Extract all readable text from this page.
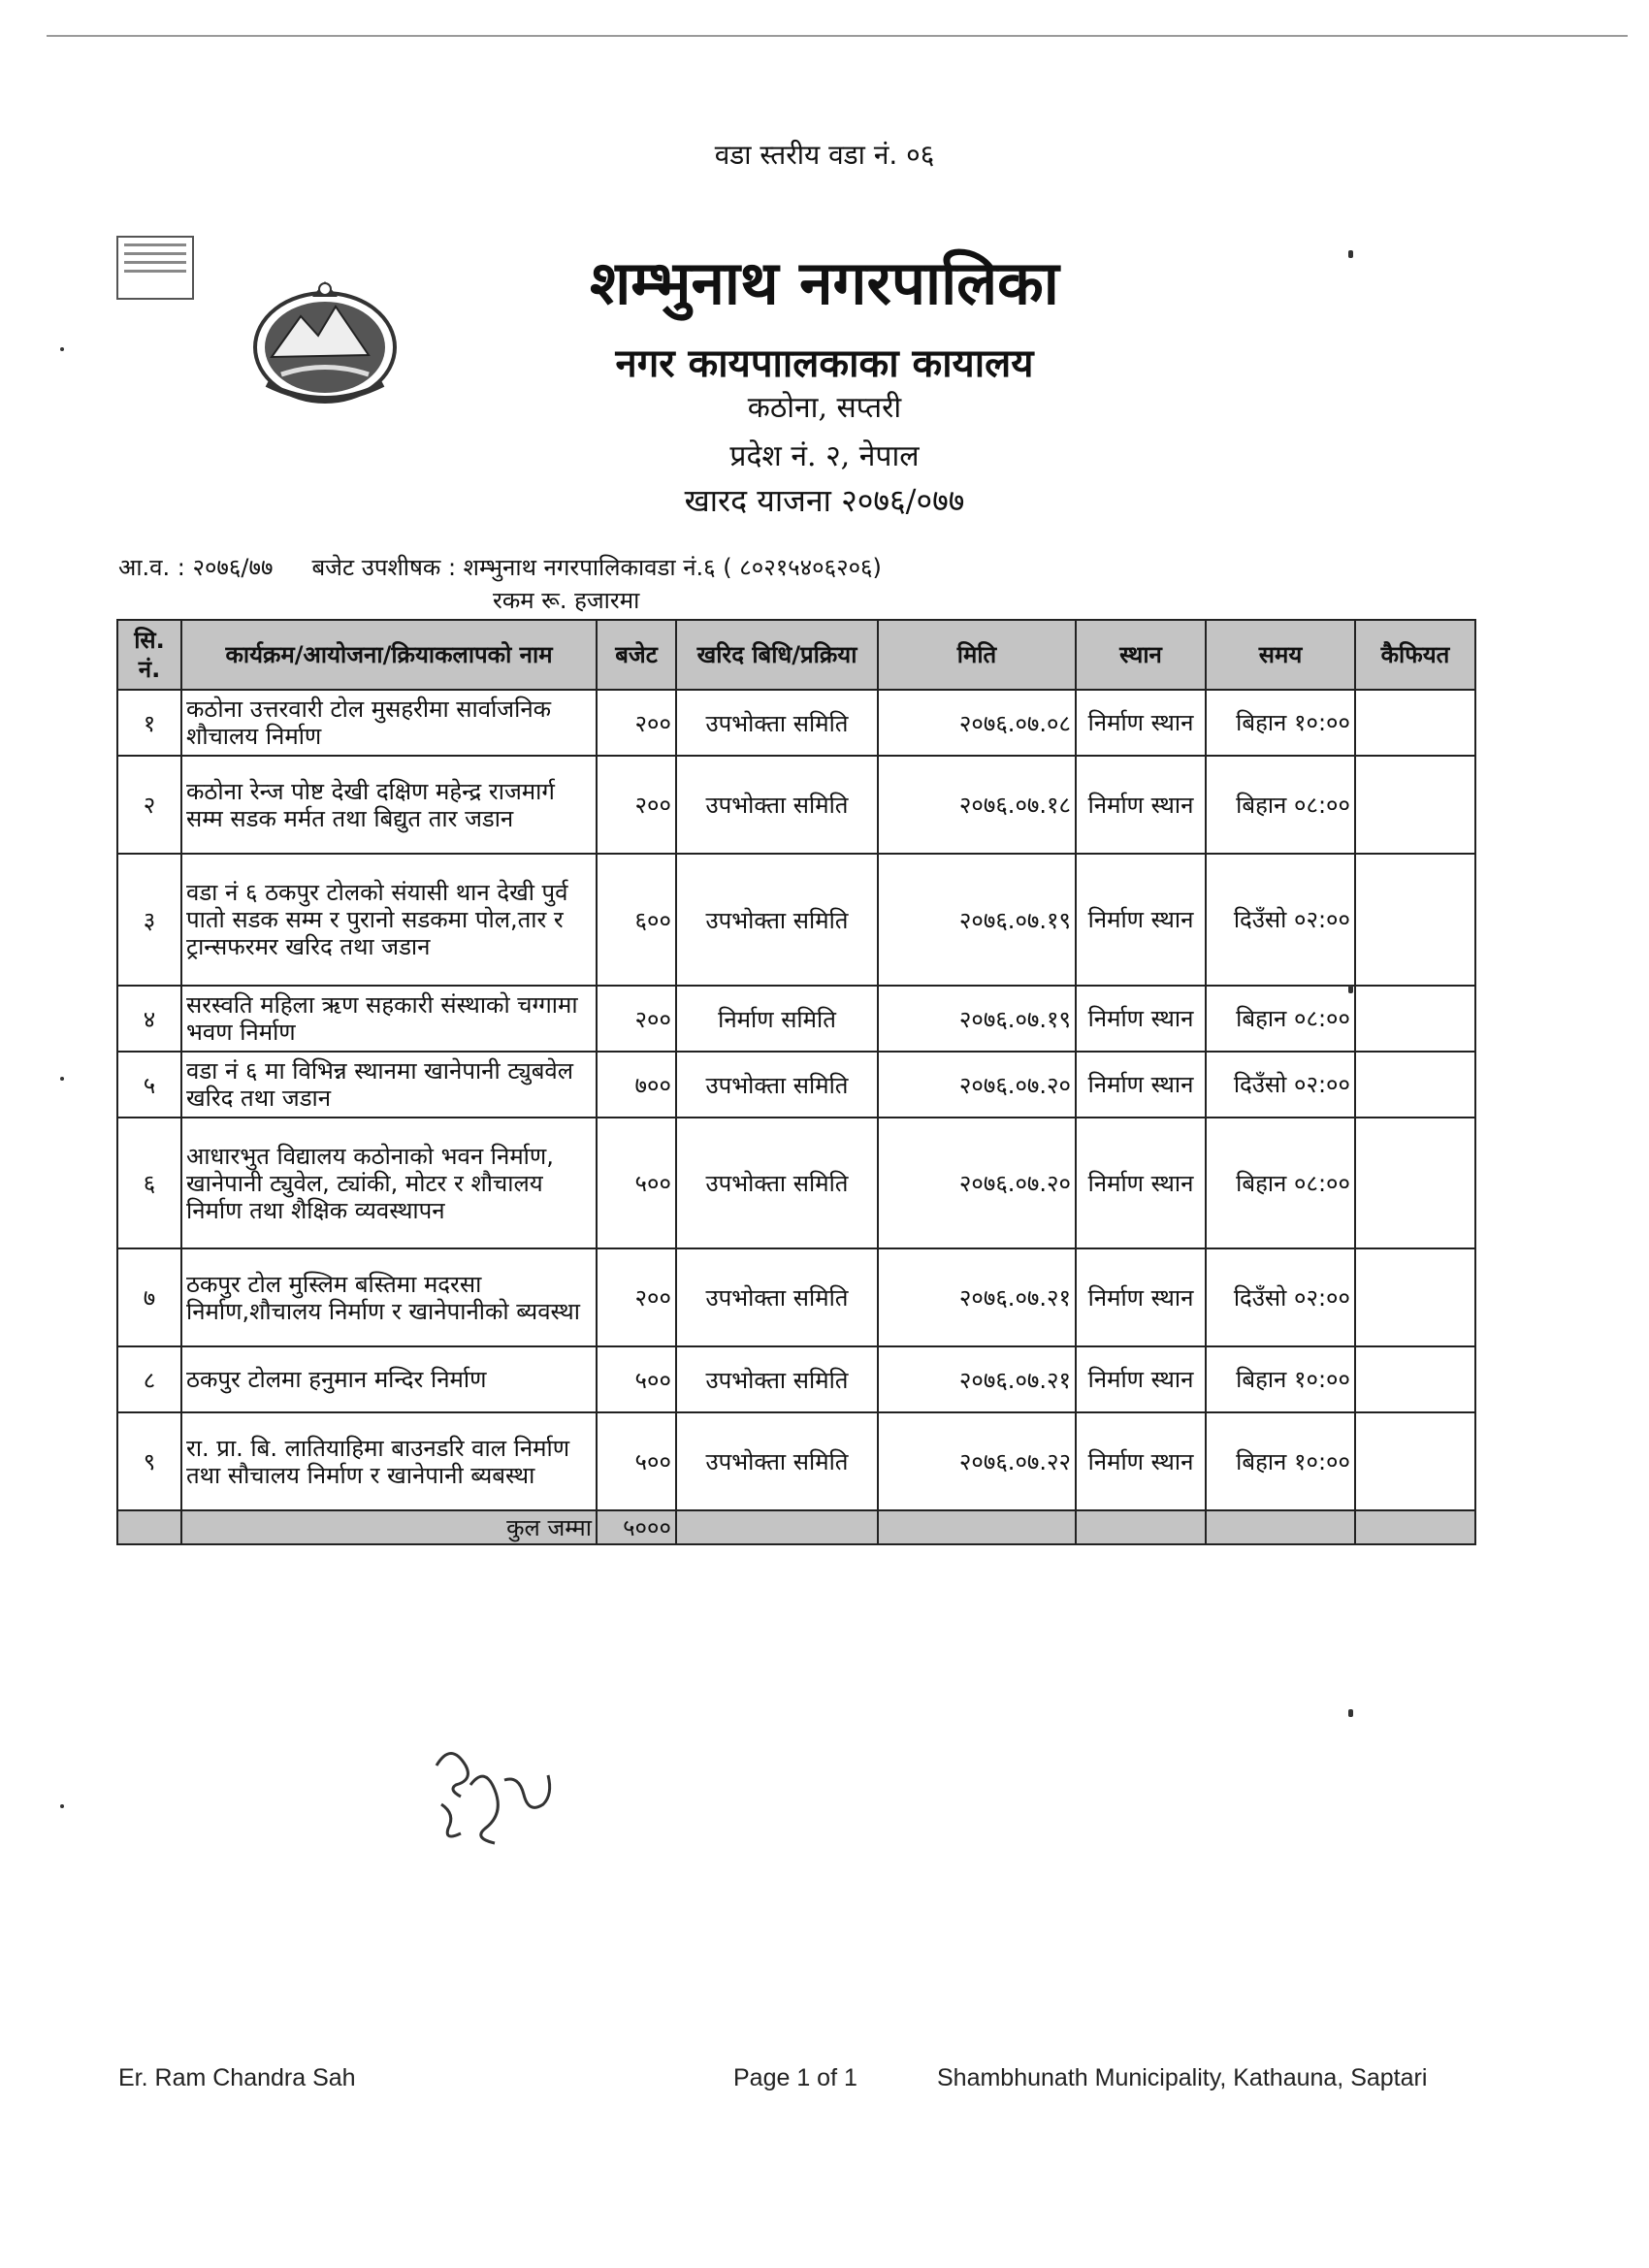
वडा स्तरीय वडा नं. ०६
शम्भुनाथ नगरपालिका
नगर कायपाालकाका कायालय
कठोना, सप्तरी
प्रदेश नं. २, नेपाल
खारद याजना २०७६/०७७
आ.व. : २०७६/७७ बजेट उपशीषक : शम्भुनाथ नगरपालिकावडा नं.६ ( ८०२१५४०६२०६)
रकम रू. हजारमा
सि. नं.	कार्यक्रम/आयोजना/क्रियाकलापको नाम	बजेट	खरिद बिधि/प्रक्रिया	मिति	स्थान	समय	कैफियत
१	कठोना उत्तरवारी टोल मुसहरीमा सार्वाजनिक शौचालय निर्माण	२००	उपभोक्ता समिति	२०७६.०७.०८	निर्माण स्थान	बिहान १०:००	
२	कठोना रेन्ज पोष्ट देखी दक्षिण महेन्द्र राजमार्ग सम्म सडक मर्मत तथा बिद्युत तार जडान	२००	उपभोक्ता समिति	२०७६.०७.१८	निर्माण स्थान	बिहान ०८:००	
३	वडा नं ६ ठकपुर टोलको संयासी थान देखी पुर्व पातो सडक सम्म र पुरानो सडकमा पोल,तार र ट्रान्सफरमर खरिद तथा जडान	६००	उपभोक्ता समिति	२०७६.०७.१९	निर्माण स्थान	दिउँसो ०२:००	
४	सरस्वति महिला ऋण सहकारी संस्थाको चग्गामा भवण निर्माण	२००	निर्माण समिति	२०७६.०७.१९	निर्माण स्थान	बिहान ०८:००	
५	वडा नं ६ मा विभिन्न स्थानमा खानेपानी ट्युबवेल खरिद तथा जडान	७००	उपभोक्ता समिति	२०७६.०७.२०	निर्माण स्थान	दिउँसो ०२:००	
६	आधारभुत विद्यालय कठोनाको भवन निर्माण, खानेपानी ट्युवेल, ट्यांकी, मोटर र शौचालय निर्माण तथा शैक्षिक व्यवस्थापन	५००	उपभोक्ता समिति	२०७६.०७.२०	निर्माण स्थान	बिहान ०८:००	
७	ठकपुर टोल मुस्लिम बस्तिमा मदरसा निर्माण,शौचालय निर्माण र खानेपानीको ब्यवस्था	२००	उपभोक्ता समिति	२०७६.०७.२१	निर्माण स्थान	दिउँसो ०२:००	
८	ठकपुर टोलमा हनुमान मन्दिर निर्माण	५००	उपभोक्ता समिति	२०७६.०७.२१	निर्माण स्थान	बिहान १०:००	
९	रा. प्रा. बि. लातियाहिमा बाउनडरि वाल निर्माण तथा सौचालय निर्माण र खानेपानी ब्यबस्था	५००	उपभोक्ता समिति	२०७६.०७.२२	निर्माण स्थान	बिहान १०:००	
	कुल जम्मा	५०००					
Er. Ram Chandra Sah	Page 1 of 1	Shambhunath Municipality, Kathauna, Saptari
